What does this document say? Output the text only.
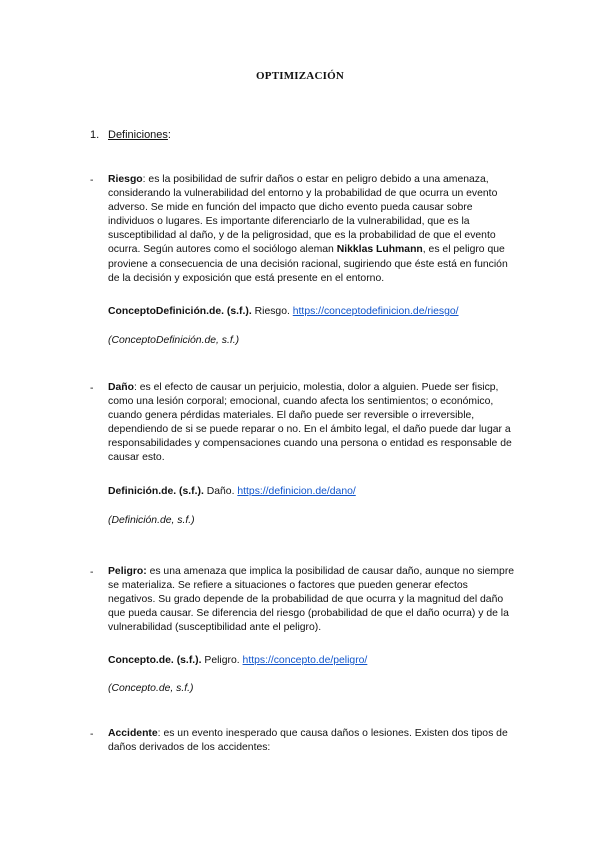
OPTIMIZACIÓN
1. Definiciones:
- Riesgo: es la posibilidad de sufrir daños o estar en peligro debido a una amenaza, considerando la vulnerabilidad del entorno y la probabilidad de que ocurra un evento adverso. Se mide en función del impacto que dicho evento pueda causar sobre individuos o lugares. Es importante diferenciarlo de la vulnerabilidad, que es la susceptibilidad al daño, y de la peligrosidad, que es la probabilidad de que el evento ocurra. Según autores como el sociólogo aleman Nikklas Luhmann, es el peligro que proviene a consecuencia de una decisión racional, sugiriendo que éste está en función de la decisión y exposición que está presente en el entorno.
ConceptoDefinición.de. (s.f.). Riesgo. https://conceptodefinicion.de/riesgo/
(ConceptoDefinición.de, s.f.)
- Daño: es el efecto de causar un perjuicio, molestia, dolor a alguien. Puede ser fisicp, como una lesión corporal; emocional, cuando afecta los sentimientos; o económico, cuando genera pérdidas materiales. El daño puede ser reversible o irreversible, dependiendo de si se puede reparar o no. En el ámbito legal, el daño puede dar lugar a responsabilidades y compensaciones cuando una persona o entidad es responsable de causar esto.
Definición.de. (s.f.). Daño. https://definicion.de/dano/
(Definición.de, s.f.)
- Peligro: es una amenaza que implica la posibilidad de causar daño, aunque no siempre se materializa. Se refiere a situaciones o factores que pueden generar efectos negativos. Su grado depende de la probabilidad de que ocurra y la magnitud del daño que pueda causar. Se diferencia del riesgo (probabilidad de que el daño ocurra) y de la vulnerabilidad (susceptibilidad ante el peligro).
Concepto.de. (s.f.). Peligro. https://concepto.de/peligro/
(Concepto.de, s.f.)
- Accidente: es un evento inesperado que causa daños o lesiones. Existen dos tipos de daños derivados de los accidentes:
